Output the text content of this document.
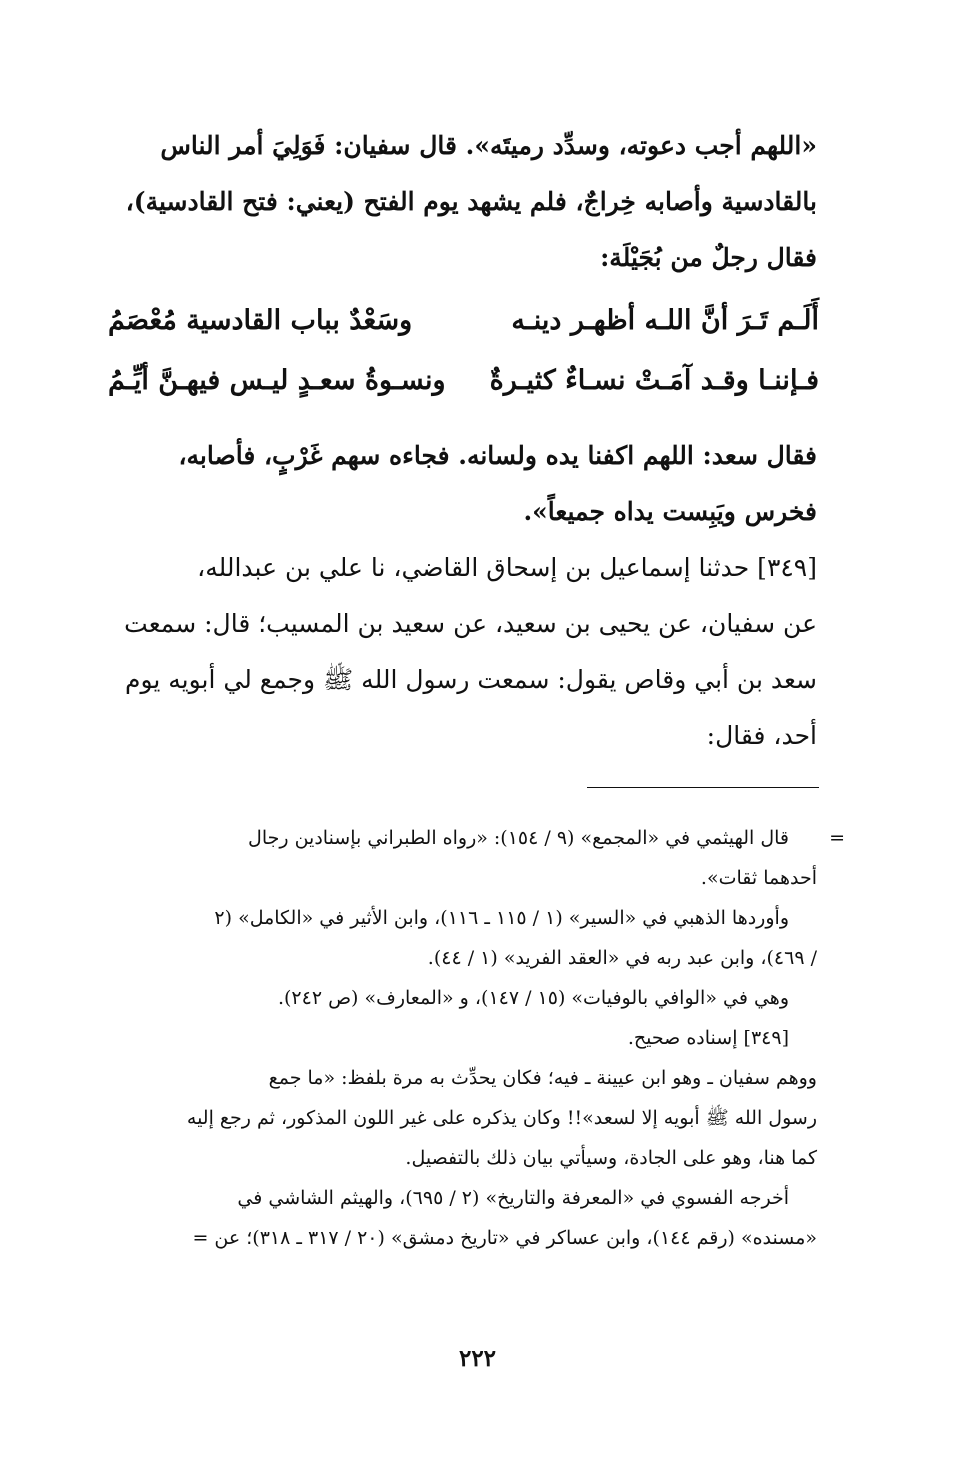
«اللهم أجب دعوته، وسدِّد رميتَه». قال سفيان: فَوَلِيَ أمر الناس

بالقادسية وأصابه خِراجٌ، فلم يشهد يوم الفتح (يعني: فتح القادسية)،

فقال رجلٌ من بُجَيْلَة:

أَلَـم تَـرَ أنَّ اللـه أظهـر دينـه
وسَعْدٌ بباب القادسية مُعْصَمُ
فـإننـا وقـد آمَـتْ نسـاءٌ كثيـرةٌ
ونسـوةُ سعـدٍ ليـس فيهـنَّ أيِّـمُ

فقال سعد: اللهم اكفنا يده ولسانه. فجاءه سهم غَرْبٍ، فأصابه،

فخرس ويَبِست يداه جميعاً».

[٣٤٩] حدثنا إسماعيل بن إسحاق القاضي، نا علي بن عبدالله،

عن سفيان، عن يحيى بن سعيد، عن سعيد بن المسيب؛ قال: سمعت

سعد بن أبي وقاص يقول: سمعت رسول الله ﷺ وجمع لي أبويه يوم

أحد، فقال:

=
قال الهيثمي في «المجمع» (٩ / ١٥٤): «رواه الطبراني بإسنادين رجال

أحدهما ثقات».

وأوردها الذهبي في «السير» (١ / ١١٥ ـ ١١٦)، وابن الأثير في «الكامل» (٢

/ ٤٦٩)، وابن عبد ربه في «العقد الفريد» (١ / ٤٤).

وهي في «الوافي بالوفيات» (١٥ / ١٤٧)، و «المعارف» (ص ٢٤٢).

[٣٤٩] إسناده صحيح.

ووهم سفيان ـ وهو ابن عيينة ـ فيه؛ فكان يحدِّث به مرة بلفظ: «ما جمع

رسول الله ﷺ أبويه إلا لسعد»!! وكان يذكره على غير اللون المذكور، ثم رجع إليه

كما هنا، وهو على الجادة، وسيأتي بيان ذلك بالتفصيل.

أخرجه الفسوي في «المعرفة والتاريخ» (٢ / ٦٩٥)، والهيثم الشاشي في

«مسنده» (رقم ١٤٤)، وابن عساكر في «تاريخ دمشق» (٢٠ / ٣١٧ ـ ٣١٨)؛ عن =

٢٢٢
